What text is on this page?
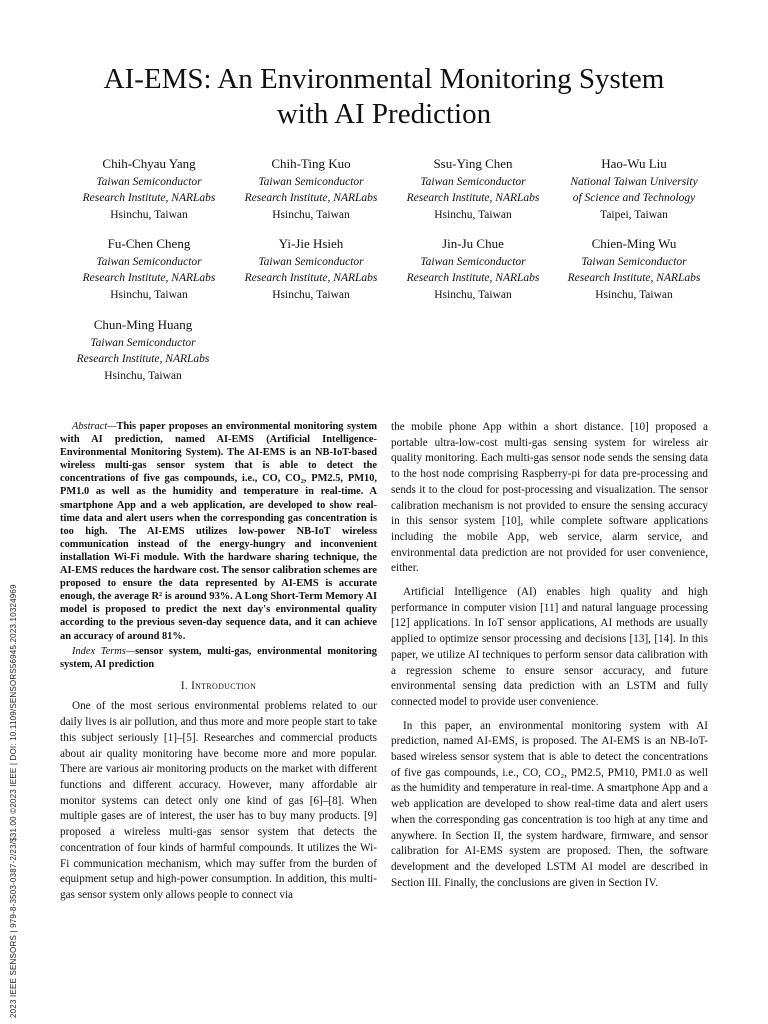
2023 IEEE SENSORS | 979-8-3503-0387-2/23/$31.00 ©2023 IEEE | DOI: 10.1109/SENSORS56945.2023.10324969
AI-EMS: An Environmental Monitoring System
with AI Prediction
Chih-Chyau Yang
Taiwan Semiconductor
Research Institute, NARLabs
Hsinchu, Taiwan
Chih-Ting Kuo
Taiwan Semiconductor
Research Institute, NARLabs
Hsinchu, Taiwan
Ssu-Ying Chen
Taiwan Semiconductor
Research Institute, NARLabs
Hsinchu, Taiwan
Hao-Wu Liu
National Taiwan University
of Science and Technology
Taipei, Taiwan
Fu-Chen Cheng
Taiwan Semiconductor
Research Institute, NARLabs
Hsinchu, Taiwan
Yi-Jie Hsieh
Taiwan Semiconductor
Research Institute, NARLabs
Hsinchu, Taiwan
Jin-Ju Chue
Taiwan Semiconductor
Research Institute, NARLabs
Hsinchu, Taiwan
Chien-Ming Wu
Taiwan Semiconductor
Research Institute, NARLabs
Hsinchu, Taiwan
Chun-Ming Huang
Taiwan Semiconductor
Research Institute, NARLabs
Hsinchu, Taiwan

Abstract—This paper proposes an environmental monitoring system with AI prediction, named AI-EMS (Artificial Intelligence-Environmental Monitoring System). The AI-EMS is an NB-IoT-based wireless multi-gas sensor system that is able to detect the concentrations of five gas compounds, i.e., CO, CO₂, PM2.5, PM10, PM1.0 as well as the humidity and temperature in real-time. A smartphone App and a web application, are developed to show real-time data and alert users when the corresponding gas concentration is too high. The AI-EMS utilizes low-power NB-IoT wireless communication instead of the energy-hungry and inconvenient installation Wi-Fi module. With the hardware sharing technique, the AI-EMS reduces the hardware cost. The sensor calibration schemes are proposed to ensure the data represented by AI-EMS is accurate enough, the average R² is around 93%. A Long Short-Term Memory AI model is proposed to predict the next day's environmental quality according to the previous seven-day sequence data, and it can achieve an accuracy of around 81%.

Index Terms—sensor system, multi-gas, environmental monitoring system, AI prediction

I. Introduction

One of the most serious environmental problems related to our daily lives is air pollution, and thus more and more people start to take this subject seriously [1]–[5]. Researches and commercial products about air quality monitoring have become more and more popular. There are various air monitoring products on the market with different functions and different accuracy. However, many affordable air monitor systems can detect only one kind of gas [6]–[8]. When multiple gases are of interest, the user has to buy many products. [9] proposed a wireless multi-gas sensor system that detects the concentration of four kinds of harmful compounds. It utilizes the Wi-Fi communication mechanism, which may suffer from the burden of equipment setup and high-power consumption. In addition, this multi-gas sensor system only allows people to connect via

the mobile phone App within a short distance. [10] proposed a portable ultra-low-cost multi-gas sensing system for wireless air quality monitoring. Each multi-gas sensor node sends the sensing data to the host node comprising Raspberry-pi for data pre-processing and sends it to the cloud for post-processing and visualization. The sensor calibration mechanism is not provided to ensure the sensing accuracy in this sensor system [10], while complete software applications including the mobile App, web service, alarm service, and environmental data prediction are not provided for user convenience, either.

Artificial Intelligence (AI) enables high quality and high performance in computer vision [11] and natural language processing [12] applications. In IoT sensor applications, AI methods are usually applied to optimize sensor processing and decisions [13], [14]. In this paper, we utilize AI techniques to perform sensor data calibration with a regression scheme to ensure sensor accuracy, and future environmental sensing data prediction with an LSTM and fully connected model to provide user convenience.

In this paper, an environmental monitoring system with AI prediction, named AI-EMS, is proposed. The AI-EMS is an NB-IoT-based wireless sensor system that is able to detect the concentrations of five gas compounds, i.e., CO, CO₂, PM2.5, PM10, PM1.0 as well as the humidity and temperature in real-time. A smartphone App and a web application are developed to show real-time data and alert users when the corresponding gas concentration is too high at any time and anywhere. In Section II, the system hardware, firmware, and sensor calibration for AI-EMS system are proposed. Then, the software development and the developed LSTM AI model are described in Section III. Finally, the conclusions are given in Section IV.
